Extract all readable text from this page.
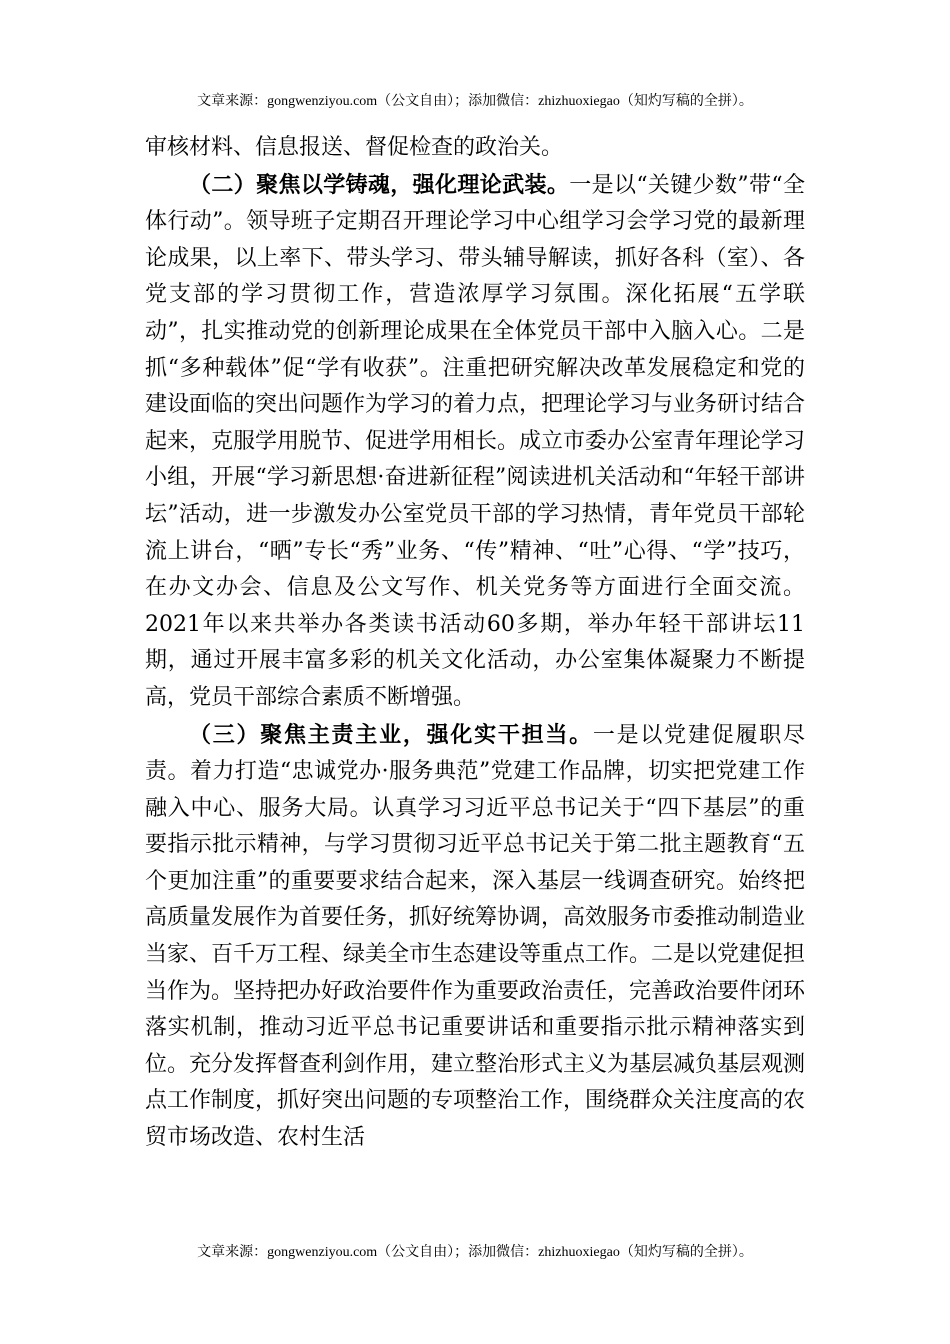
文章来源：gongwenziyou.com（公文自由）；添加微信：zhizhuoxiegao（知灼写稿的全拼）。

审核材料、信息报送、督促检查的政治关。

（二）聚焦以学铸魂，强化理论武装。一是以“关键少数”带“全体行动”。领导班子定期召开理论学习中心组学习会学习党的最新理论成果，以上率下、带头学习、带头辅导解读，抓好各科（室）、各党支部的学习贯彻工作，营造浓厚学习氛围。深化拓展“五学联动”，扎实推动党的创新理论成果在全体党员干部中入脑入心。二是抓“多种载体”促“学有收获”。注重把研究解决改革发展稳定和党的建设面临的突出问题作为学习的着力点，把理论学习与业务研讨结合起来，克服学用脱节、促进学用相长。成立市委办公室青年理论学习小组，开展“学习新思想·奋进新征程”阅读进机关活动和“年轻干部讲坛”活动，进一步激发办公室党员干部的学习热情，青年党员干部轮流上讲台，“晒”专长“秀”业务、“传”精神、“吐”心得、“学”技巧，在办文办会、信息及公文写作、机关党务等方面进行全面交流。2021年以来共举办各类读书活动60多期，举办年轻干部讲坛11期，通过开展丰富多彩的机关文化活动，办公室集体凝聚力不断提高，党员干部综合素质不断增强。

（三）聚焦主责主业，强化实干担当。一是以党建促履职尽责。着力打造“忠诚党办·服务典范”党建工作品牌，切实把党建工作融入中心、服务大局。认真学习习近平总书记关于“四下基层”的重要指示批示精神，与学习贯彻习近平总书记关于第二批主题教育“五个更加注重”的重要要求结合起来，深入基层一线调查研究。始终把高质量发展作为首要任务，抓好统筹协调，高效服务市委推动制造业当家、百千万工程、绿美全市生态建设等重点工作。二是以党建促担当作为。坚持把办好政治要件作为重要政治责任，完善政治要件闭环落实机制，推动习近平总书记重要讲话和重要指示批示精神落实到位。充分发挥督查利剑作用，建立整治形式主义为基层减负基层观测点工作制度，抓好突出问题的专项整治工作，围绕群众关注度高的农贸市场改造、农村生活

文章来源：gongwenziyou.com（公文自由）；添加微信：zhizhuoxiegao（知灼写稿的全拼）。
